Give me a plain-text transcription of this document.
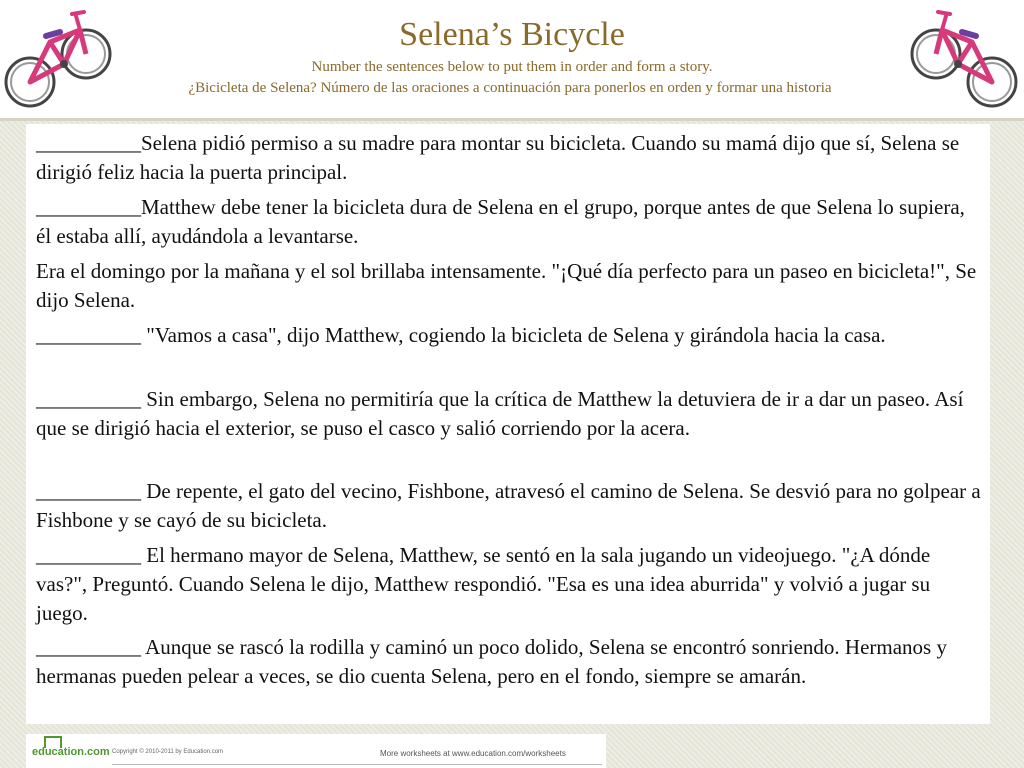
Selena’s Bicycle
Number the sentences below to put them in order and form a story.
¿Bicicleta de Selena? Número de las oraciones a continuación para ponerlos en orden y formar una historia

__________Selena pidió permiso a su madre para montar su bicicleta. Cuando su mamá dijo que sí, Selena se dirigió feliz hacia la puerta principal.

__________Matthew debe tener la bicicleta dura de Selena en el grupo, porque antes de que Selena lo supiera, él estaba allí, ayudándola a levantarse.

Era el domingo por la mañana y el sol brillaba intensamente. "¡Qué día perfecto para un paseo en bicicleta!", Se dijo Selena.

__________ "Vamos a casa", dijo Matthew, cogiendo la bicicleta de Selena y girándola hacia la casa.

__________ Sin embargo, Selena no permitiría que la crítica de Matthew la detuviera de ir a dar un paseo. Así que se dirigió hacia el exterior, se puso el casco y salió corriendo por la acera.

__________ De repente, el gato del vecino, Fishbone, atravesó el camino de Selena. Se desvió para no golpear a Fishbone y se cayó de su bicicleta.

__________ El hermano mayor de Selena, Matthew, se sentó en la sala jugando un videojuego. "¿A dónde vas?", Preguntó. Cuando Selena le dijo, Matthew respondió. "Esa es una idea aburrida" y volvió a jugar su juego.

__________ Aunque se rascó la rodilla y caminó un poco dolido, Selena se encontró sonriendo. Hermanos y hermanas pueden pelear a veces, se dio cuenta Selena, pero en el fondo, siempre se amarán.

education.com Copyright © 2010-2011 by Education.com	More worksheets at www.education.com/worksheets
